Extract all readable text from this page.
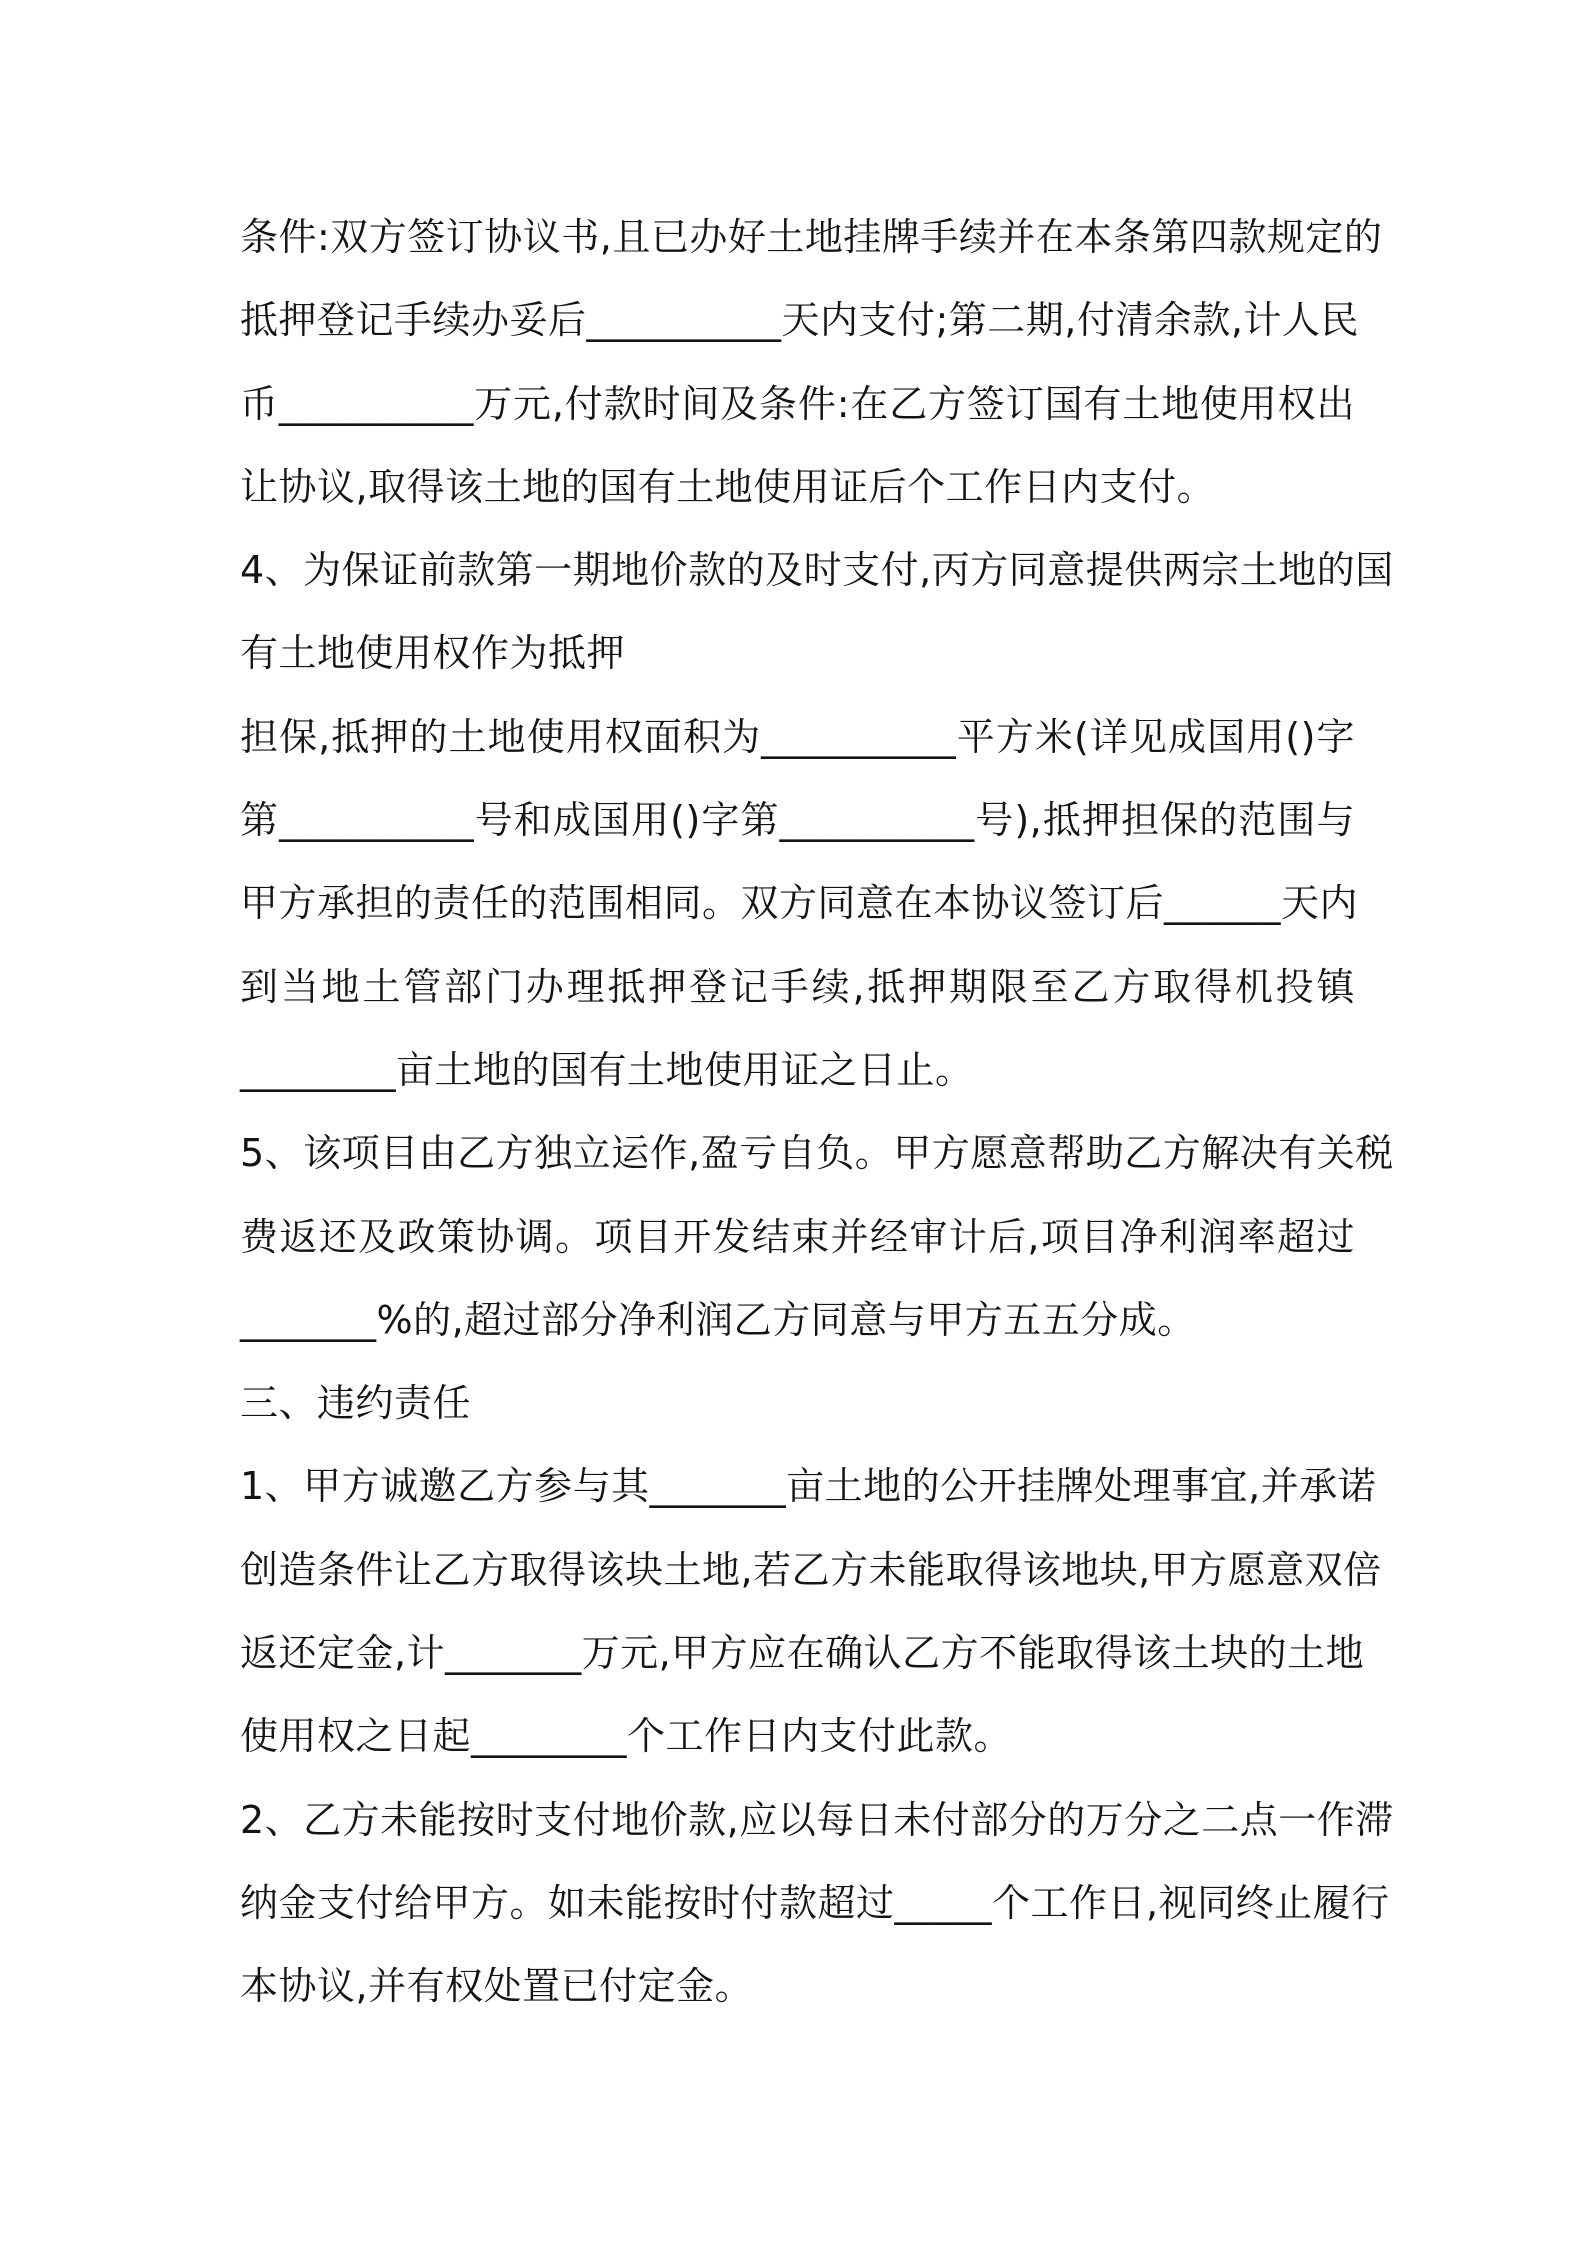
条件:双方签订协议书,且已办好土地挂牌手续并在本条第四款规定的
抵押登记手续办妥后__________天内支付;第二期,付清余款,计人民
币__________万元,付款时间及条件:在乙方签订国有土地使用权出
让协议,取得该土地的国有土地使用证后个工作日内支付。
4、为保证前款第一期地价款的及时支付,丙方同意提供两宗土地的国
有土地使用权作为抵押
担保,抵押的土地使用权面积为__________平方米(详见成国用()字
第__________号和成国用()字第__________号),抵押担保的范围与
甲方承担的责任的范围相同。双方同意在本协议签订后______天内
到当地土管部门办理抵押登记手续,抵押期限至乙方取得机投镇
________亩土地的国有土地使用证之日止。
5、该项目由乙方独立运作,盈亏自负。甲方愿意帮助乙方解决有关税
费返还及政策协调。项目开发结束并经审计后,项目净利润率超过
_______%的,超过部分净利润乙方同意与甲方五五分成。
三、违约责任
1、甲方诚邀乙方参与其_______亩土地的公开挂牌处理事宜,并承诺
创造条件让乙方取得该块土地,若乙方未能取得该地块,甲方愿意双倍
返还定金,计_______万元,甲方应在确认乙方不能取得该土块的土地
使用权之日起________个工作日内支付此款。
2、乙方未能按时支付地价款,应以每日未付部分的万分之二点一作滞
纳金支付给甲方。如未能按时付款超过_____个工作日,视同终止履行
本协议,并有权处置已付定金。
